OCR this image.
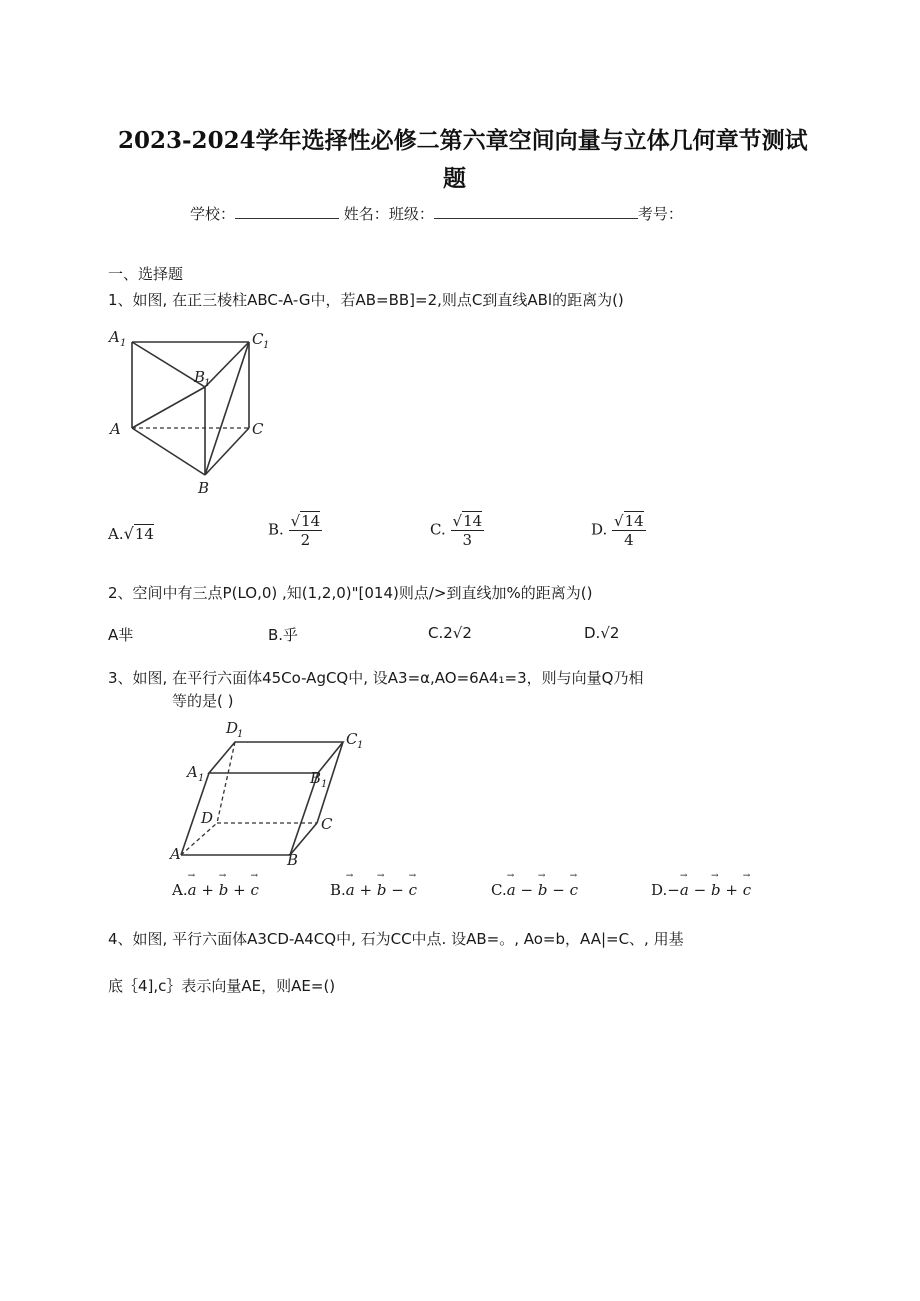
2023-2024学年选择性必修二第六章空间向量与立体几何章节测试
题
学校：	姓名：班级：	考号：
一、选择题
1、如图, 在正三棱柱ABC-A-G中，若AB=BB]=2,则点C到直线ABl的距离为()
A 1	C 1
B
1
A	C
B
A.√14	B. $\frac{√14}{2}$	C. $\frac{√14}{3}$	D. $\frac{√14}{4}$
2、空间中有三点P(LO,0) ,知(1,2,0)"[014)则点/>到直线加%的距离为()
A芈	B.乎	C.2√2	D.√2
3、如图, 在平行六面体45Co-AgCQ中, 设A3=α,AO=6A4₁=3，则与向量Q乃相
等的是( )
D
1	C 1
A 1	B 1
D	C
A	B
A.→ a + → b + → c	B.→ a + → b − → c	C.→ a − → b − → c	D.−→ a − → b + → c
4、如图, 平行六面体A3CD-A4CQ中, 石为CC中点. 设AB=。, Ao=b，AA|=C、, 用基
底｛4],c｝表示向量AE，则AE=()
